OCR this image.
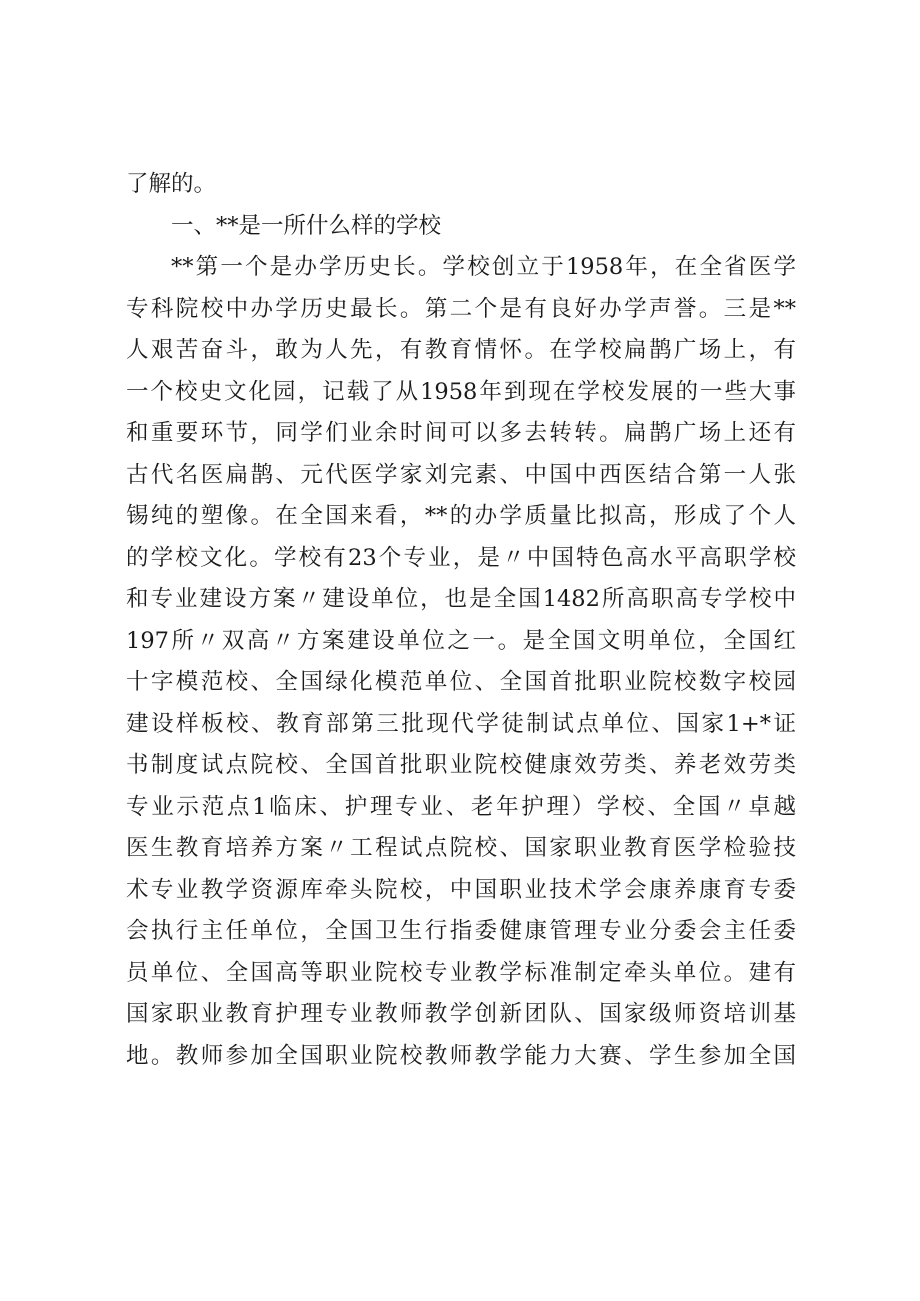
了解的。
一、**是一所什么样的学校
**第一个是办学历史长。学校创立于1958年，在全省医学
专科院校中办学历史最长。第二个是有良好办学声誉。三是**
人艰苦奋斗，敢为人先，有教育情怀。在学校扁鹊广场上，有
一个校史文化园，记载了从1958年到现在学校发展的一些大事
和重要环节，同学们业余时间可以多去转转。扁鹊广场上还有
古代名医扁鹊、元代医学家刘完素、中国中西医结合第一人张
锡纯的塑像。在全国来看，**的办学质量比拟高，形成了个人
的学校文化。学校有23个专业，是〃中国特色高水平高职学校
和专业建设方案〃建设单位，也是全国1482所高职高专学校中
197所〃双高〃方案建设单位之一。是全国文明单位，全国红
十字模范校、全国绿化模范单位、全国首批职业院校数字校园
建设样板校、教育部第三批现代学徒制试点单位、国家1+*证
书制度试点院校、全国首批职业院校健康效劳类、养老效劳类
专业示范点1临床、护理专业、老年护理）学校、全国〃卓越
医生教育培养方案〃工程试点院校、国家职业教育医学检验技
术专业教学资源库牵头院校，中国职业技术学会康养康育专委
会执行主任单位，全国卫生行指委健康管理专业分委会主任委
员单位、全国高等职业院校专业教学标准制定牵头单位。建有
国家职业教育护理专业教师教学创新团队、国家级师资培训基
地。教师参加全国职业院校教师教学能力大赛、学生参加全国
